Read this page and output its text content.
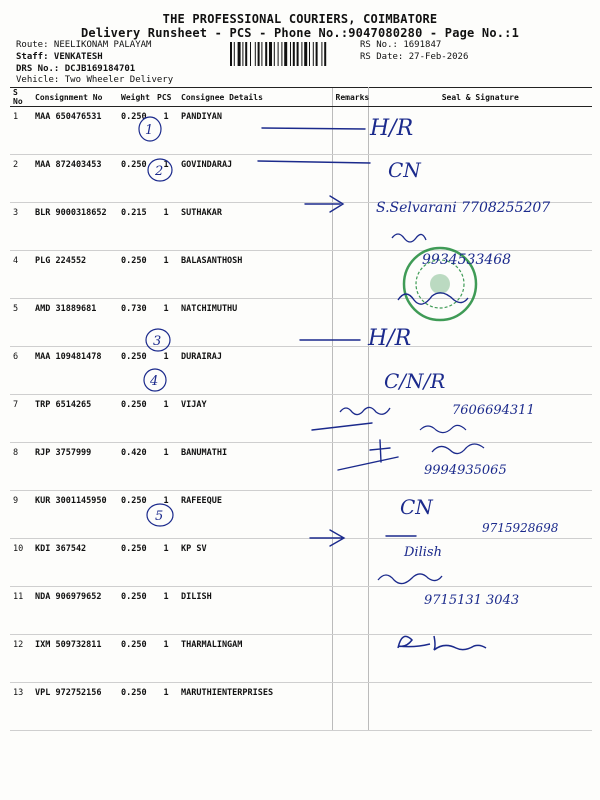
THE PROFESSIONAL COURIERS, COIMBATORE
Delivery Runsheet - PCS - Phone No.:9047080280 - Page No.:1
Route: NEELIKONAM PALAYAM
Staff: VENKATESH
DRS No.: DCJB169184701
Vehicle: Two Wheeler Delivery
RS No.: 1691847
RS Date: 27-Feb-2026
S No	Consignment No	Weight	PCS	Consignee Details	Remarks	Seal & Signature
1	MAA 650476531	0.250	1	PANDIYAN		
2	MAA 872403453	0.250	1	GOVINDARAJ		
3	BLR 9000318652	0.215	1	SUTHAKAR		
4	PLG 224552	0.250	1	BALASANTHOSH		
5	AMD 31889681	0.730	1	NATCHIMUTHU		
6	MAA 109481478	0.250	1	DURAIRAJ		
7	TRP 6514265	0.250	1	VIJAY		
8	RJP 3757999	0.420	1	BANUMATHI		
9	KUR 3001145950	0.250	1	RAFEEQUE		
10	KDI 367542	0.250	1	KP SV		
11	NDA 906979652	0.250	1	DILISH		
12	IXM 509732811	0.250	1	THARMALINGAM		
13	VPL 972752156	0.250	1	MARUTHIENTERPRISES		
1
2
3
4
5
H/R
CN
S.Selvarani 7708255207
9934533468
H/R
C/N/R
7606694311
9994935065
CN
9715928698
Dilish
9715131 3043
